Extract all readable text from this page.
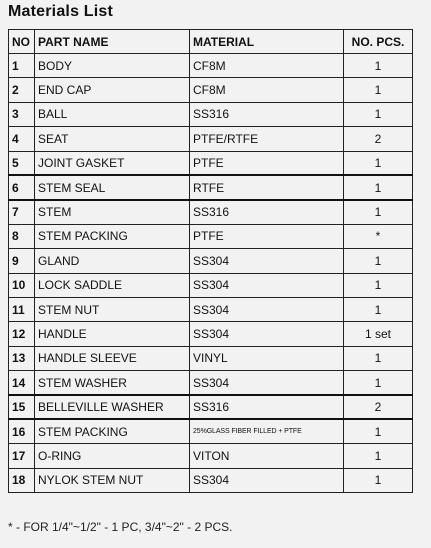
Materials List
NO	PART NAME	MATERIAL	NO. PCS.
1	BODY	CF8M	1
2	END CAP	CF8M	1
3	BALL	SS316	1
4	SEAT	PTFE/RTFE	2
5	JOINT GASKET	PTFE	1
6	STEM SEAL	RTFE	1
7	STEM	SS316	1
8	STEM PACKING	PTFE	*
9	GLAND	SS304	1
10	LOCK SADDLE	SS304	1
11	STEM NUT	SS304	1
12	HANDLE	SS304	1 set
13	HANDLE SLEEVE	VINYL	1
14	STEM WASHER	SS304	1
15	BELLEVILLE WASHER	SS316	2
16	STEM PACKING	25%GLASS FIBER FILLED + PTFE	1
17	O-RING	VITON	1
18	NYLOK STEM NUT	SS304	1
* - FOR 1/4"~1/2" - 1 PC, 3/4"~2" - 2 PCS.
